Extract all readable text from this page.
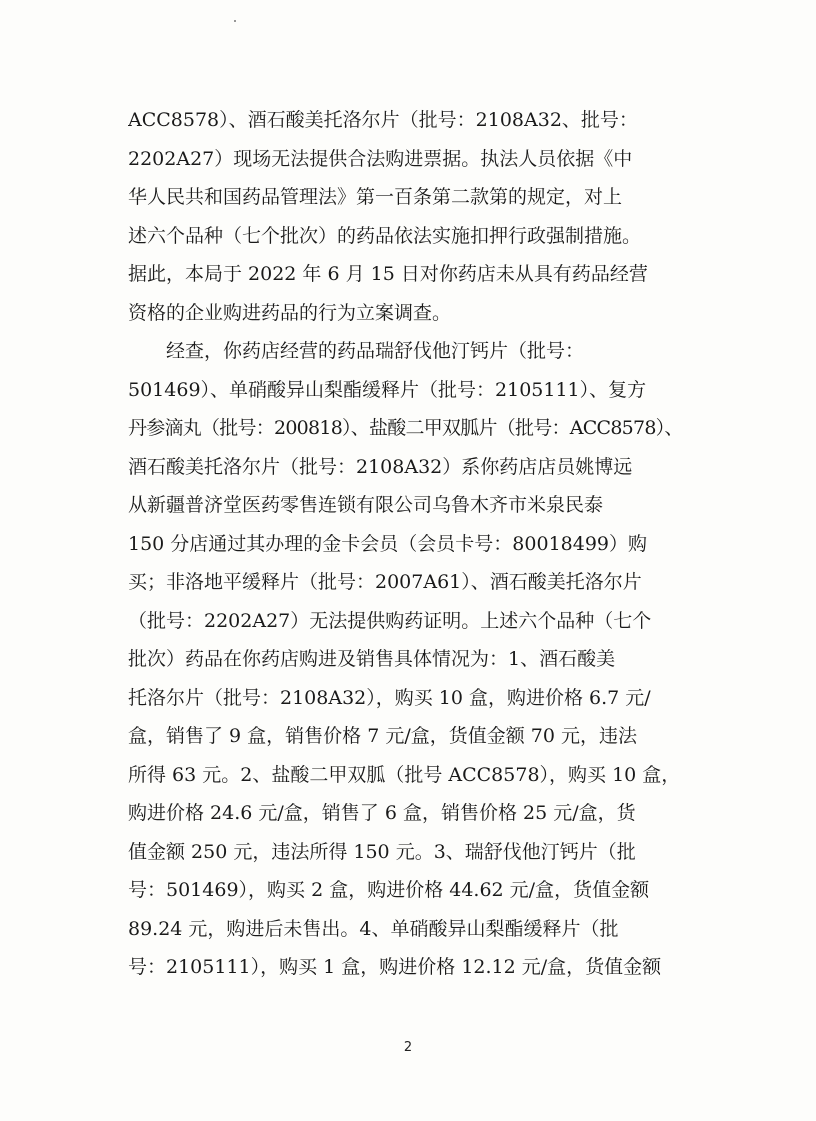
ACC8578）、酒石酸美托洛尔片（批号：2108A32、批号：
2202A27）现场无法提供合法购进票据。执法人员依据《中
华人民共和国药品管理法》第一百条第二款第的规定，对上
述六个品种（七个批次）的药品依法实施扣押行政强制措施。
据此，本局于 2022 年 6 月 15 日对你药店未从具有药品经营
资格的企业购进药品的行为立案调查。
　　经查，你药店经营的药品瑞舒伐他汀钙片（批号：
501469）、单硝酸异山梨酯缓释片（批号：2105111）、复方
丹参滴丸（批号：200818）、盐酸二甲双胍片（批号：ACC8578）、
酒石酸美托洛尔片（批号：2108A32）系你药店店员姚博远
从新疆普济堂医药零售连锁有限公司乌鲁木齐市米泉民泰
150 分店通过其办理的金卡会员（会员卡号：80018499）购
买；非洛地平缓释片（批号：2007A61）、酒石酸美托洛尔片
（批号：2202A27）无法提供购药证明。上述六个品种（七个
批次）药品在你药店购进及销售具体情况为：1、酒石酸美
托洛尔片（批号：2108A32），购买 10 盒，购进价格 6.7 元/
盒，销售了 9 盒，销售价格 7 元/盒，货值金额 70 元，违法
所得 63 元。2、盐酸二甲双胍（批号 ACC8578），购买 10 盒，
购进价格 24.6 元/盒，销售了 6 盒，销售价格 25 元/盒，货
值金额 250 元，违法所得 150 元。3、瑞舒伐他汀钙片（批
号：501469），购买 2 盒，购进价格 44.62 元/盒，货值金额
89.24 元，购进后未售出。4、单硝酸异山梨酯缓释片（批
号：2105111），购买 1 盒，购进价格 12.12 元/盒，货值金额
2
